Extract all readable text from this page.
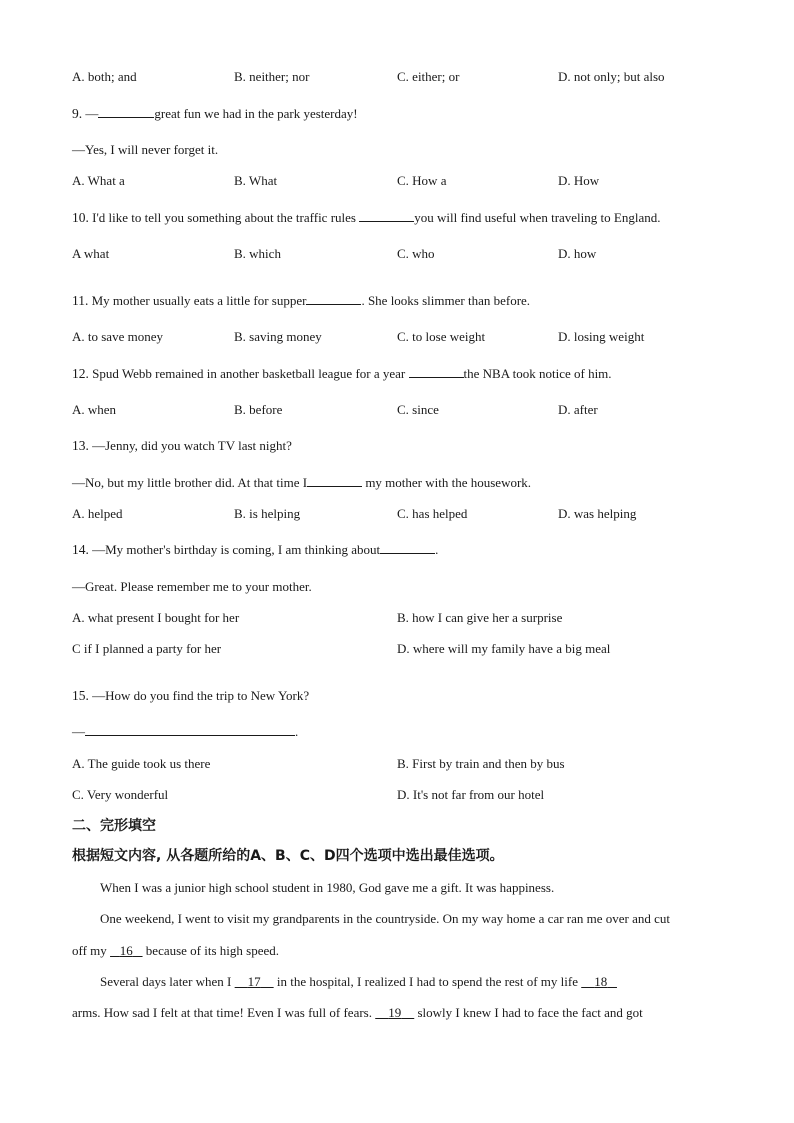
A. both; and	B. neither; nor	C. either; or	D. not only; but also
9. —	great fun we had in the park yesterday!
—Yes, I will never forget it.
A. What a	B. What	C. How a	D. How
10. I'd like to tell you something about the traffic rules	you will find useful when traveling to England.
A what	B. which	C. who	D. how
11. My mother usually eats a little for supper	. She looks slimmer than before.
A. to save money	B. saving money	C. to lose weight	D. losing weight
12. Spud Webb remained in another basketball league for a year	the NBA took notice of him.
A. when	B. before	C. since	D. after
13. —Jenny, did you watch TV last night?
—No, but my little brother did. At that time I	my mother with the housework.
A. helped	B. is helping	C. has helped	D. was helping
14. —My mother's birthday is coming, I am thinking about	.
—Great. Please remember me to your mother.
A. what present I bought for her	B. how I can give her a surprise
C if I planned a party for her	D. where will my family have a big meal
15. —How do you find the trip to New York?
—	.
A. The guide took us there	B. First by train and then by bus
C. Very wonderful	D. It's not far from our hotel
二、完形填空
根据短文内容, 从各题所给的A、B、C、D四个选项中选出最佳选项。
When I was a junior high school student in 1980, God gave me a gift. It was happiness.
One weekend, I went to visit my grandparents in the countryside. On my way home a car ran me over and cut
off my 16 because of its high speed.
Several days later when I 17 in the hospital, I realized I had to spend the rest of my life 18
arms. How sad I felt at that time! Even I was full of fears. 19 slowly I knew I had to face the fact and got
